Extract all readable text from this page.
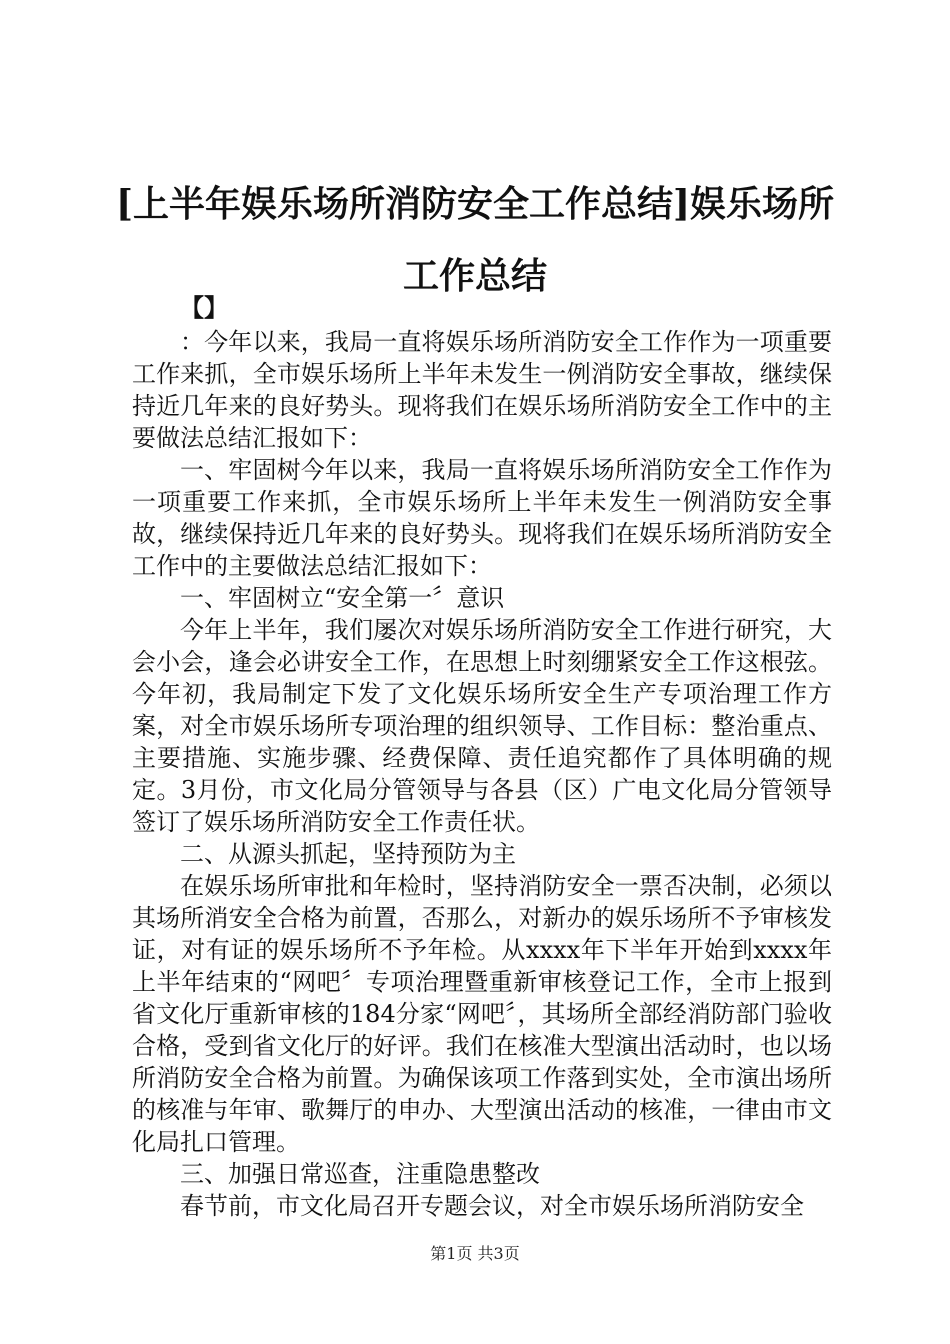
[上半年娱乐场所消防安全工作总结]娱乐场所工作总结

【】

：今年以来，我局一直将娱乐场所消防安全工作作为一项重要工作来抓，全市娱乐场所上半年未发生一例消防安全事故，继续保持近几年来的良好势头。现将我们在娱乐场所消防安全工作中的主要做法总结汇报如下：

一、牢固树今年以来，我局一直将娱乐场所消防安全工作作为一项重要工作来抓，全市娱乐场所上半年未发生一例消防安全事故，继续保持近几年来的良好势头。现将我们在娱乐场所消防安全工作中的主要做法总结汇报如下：

一、牢固树立“安全第一〞意识

今年上半年，我们屡次对娱乐场所消防安全工作进行研究，大会小会，逢会必讲安全工作，在思想上时刻绷紧安全工作这根弦。今年初，我局制定下发了文化娱乐场所安全生产专项治理工作方案，对全市娱乐场所专项治理的组织领导、工作目标：整治重点、主要措施、实施步骤、经费保障、责任追究都作了具体明确的规定。3月份，市文化局分管领导与各县（区）广电文化局分管领导签订了娱乐场所消防安全工作责任状。

二、从源头抓起，坚持预防为主

在娱乐场所审批和年检时，坚持消防安全一票否决制，必须以其场所消安全合格为前置，否那么，对新办的娱乐场所不予审核发证，对有证的娱乐场所不予年检。从xxxx年下半年开始到xxxx年上半年结束的“网吧〞专项治理暨重新审核登记工作，全市上报到省文化厅重新审核的184分家“网吧〞，其场所全部经消防部门验收合格，受到省文化厅的好评。我们在核准大型演出活动时，也以场所消防安全合格为前置。为确保该项工作落到实处，全市演出场所的核准与年审、歌舞厅的申办、大型演出活动的核准，一律由市文化局扎口管理。

三、加强日常巡查，注重隐患整改

春节前，市文化局召开专题会议，对全市娱乐场所消防安全

第1页 共3页
